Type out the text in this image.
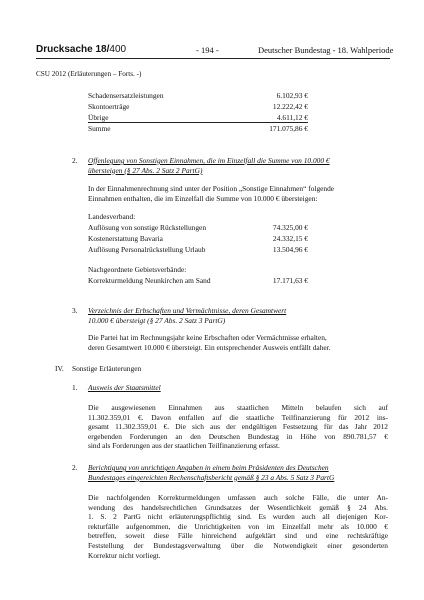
Drucksache 18/400	- 194 -	Deutscher Bundestag - 18. Wahlperiode
CSU 2012 (Erläuterungen – Forts. -)
Schadensersatzleistungen	6.102,93 €
Skontoerträge	12.222,42 €
Übrige	4.611,12 €
Summe	171.075,86 €
2. Offenlegung von Sonstigen Einnahmen, die im Einzelfall die Summe von 10.000 €
übersteigen (§ 27 Abs. 2 Satz 2 PartG)
In der Einnahmenrechnung sind unter der Position „Sonstige Einnahmen“ folgende
Einnahmen enthalten, die im Einzelfall die Summe von 10.000 € übersteigen:
Landesverband:
Auflösung von sonstige Rückstellungen	74.325,00 €
Kostenerstattung Bavaria	24.332,15 €
Auflösung Personalrückstellung Urlaub	13.504,96 €
Nachgeordnete Gebietsverbände:
Korrekturmeldung Neunkirchen am Sand	17.171,63 €
3. Verzeichnis der Erbschaften und Vermächtnisse, deren Gesamtwert
10.000 € übersteigt (§ 27 Abs. 2 Satz 3 PartG)
Die Partei hat im Rechnungsjahr keine Erbschaften oder Vermächtnisse erhalten,
deren Gesamtwert 10.000 € übersteigt. Ein entsprechender Ausweis entfällt daher.
IV. Sonstige Erläuterungen
1. Ausweis der Staatsmittel
Die ausgewiesenen Einnahmen aus staatlichen Mitteln belaufen sich auf
11.302.359,01 €. Davon entfallen auf die staatliche Teilfinanzierung für 2012 ins-
gesamt 11.302.359,01 €. Die sich aus der endgültigen Festsetzung für das Jahr 2012
ergebenden Forderungen an den Deutschen Bundestag in Höhe von 890.781,57 €
sind als Forderungen aus der staatlichen Teilfinanzierung erfasst.
2. Berichtigung von unrichtigen Angaben in einem beim Präsidenten des Deutschen
Bundestages eingereichten Rechenschaftsbericht gemäß § 23 a Abs. 5 Satz 3 PartG
Die nachfolgenden Korrekturmeldungen umfassen auch solche Fälle, die unter An-
wendung des handelsrechtlichen Grundsatzes der Wesentlichkeit gemäß § 24 Abs.
1. S. 2 PartG nicht erläuterungspflichtig sind. Es wurden auch all diejenigen Kor-
rekturfälle aufgenommen, die Unrichtigkeiten von im Einzelfall mehr als 10.000 €
betreffen, soweit diese Fälle hinreichend aufgeklärt sind und eine rechtskräftige
Feststellung der Bundestagsverwaltung über die Notwendigkeit einer gesonderten
Korrektur nicht vorliegt.
